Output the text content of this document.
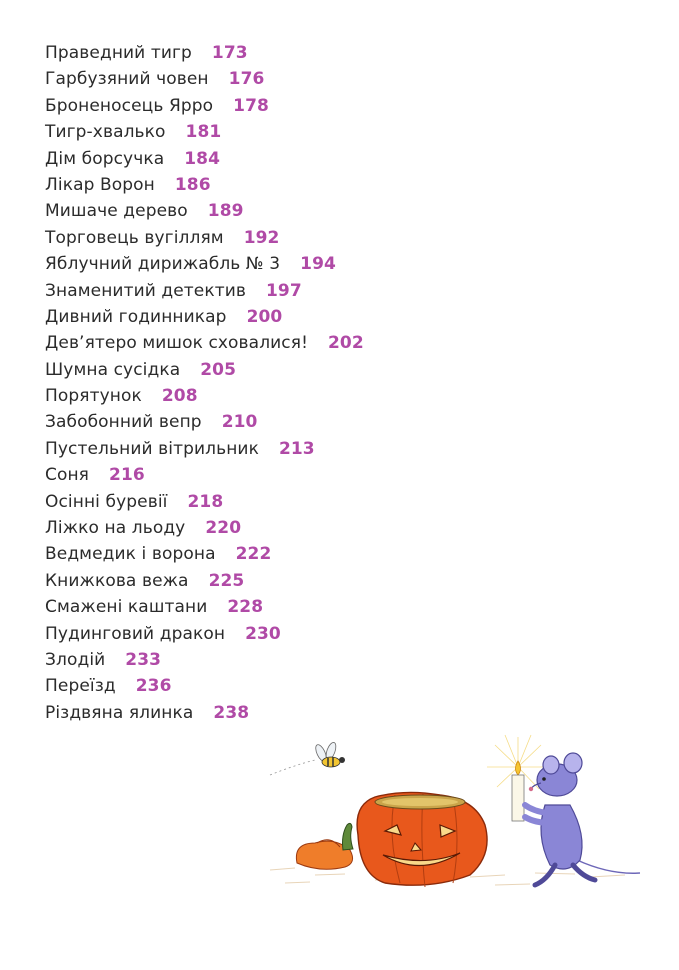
Праведний тигр 173
Гарбузяний човен 176
Броненосець Ярро 178
Тигр-хвалько 181
Дім борсучка 184
Лікар Ворон 186
Мишаче дерево 189
Торговець вугіллям 192
Яблучний дирижабль № 3 194
Знаменитий детектив 197
Дивний годинникар 200
Дев’ятеро мишок сховалися! 202
Шумна сусідка 205
Порятунок 208
Забобонний вепр 210
Пустельний вітрильник 213
Соня 216
Осінні буревії 218
Ліжко на льоду 220
Ведмедик і ворона 222
Книжкова вежа 225
Смажені каштани 228
Пудинговий дракон 230
Злодій 233
Переїзд 236
Різдвяна ялинка 238
